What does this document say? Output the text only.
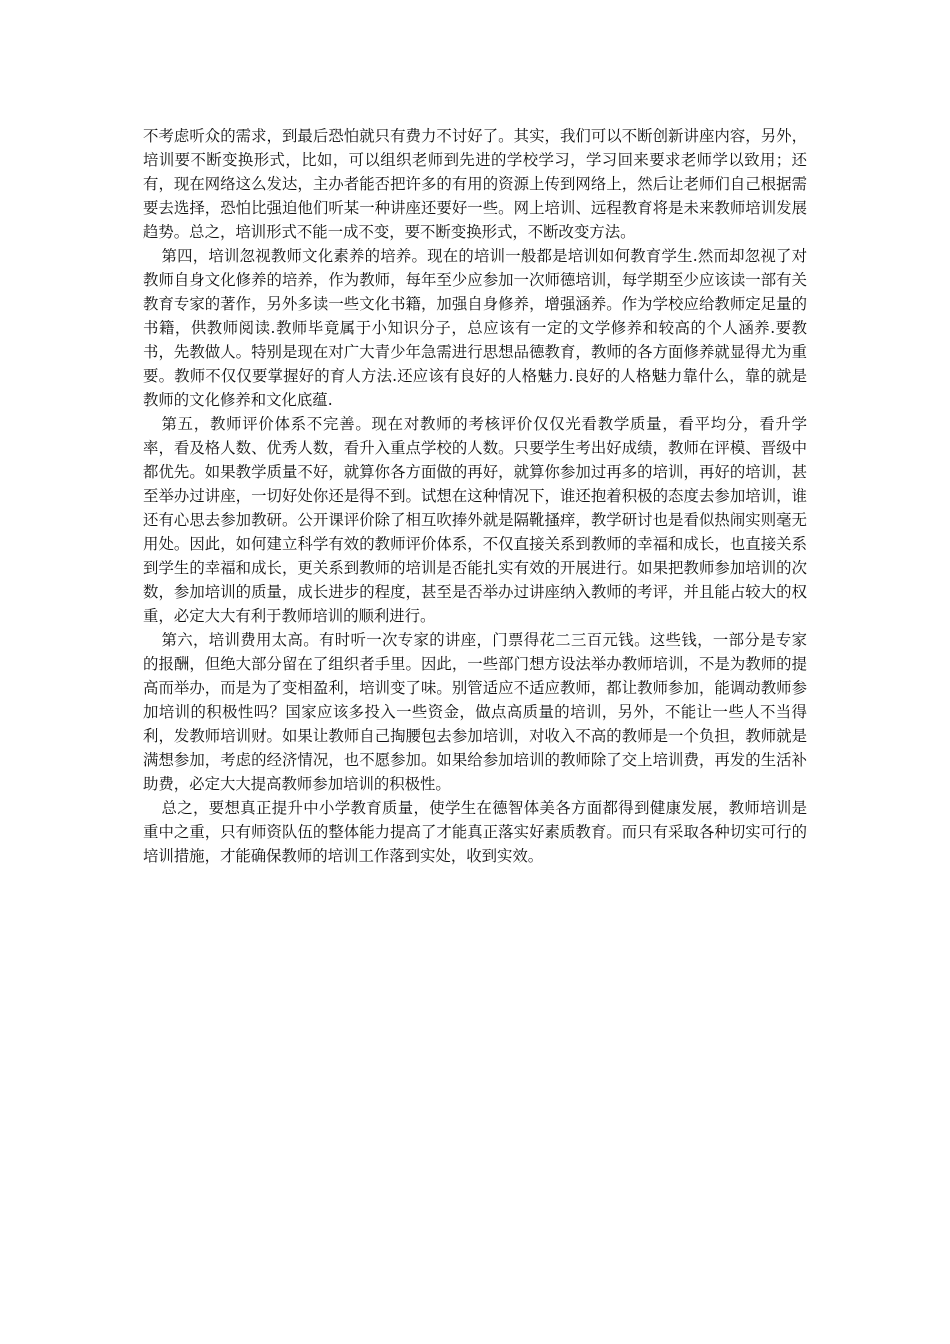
不考虑听众的需求，到最后恐怕就只有费力不讨好了。其实，我们可以不断创新讲座内容，另外，培训要不断变换形式，比如，可以组织老师到先进的学校学习，学习回来要求老师学以致用；还有，现在网络这么发达，主办者能否把许多的有用的资源上传到网络上，然后让老师们自己根据需要去选择，恐怕比强迫他们听某一种讲座还要好一些。网上培训、远程教育将是未来教师培训发展趋势。总之，培训形式不能一成不变，要不断变换形式，不断改变方法。

第四，培训忽视教师文化素养的培养。现在的培训一般都是培训如何教育学生.然而却忽视了对教师自身文化修养的培养，作为教师，每年至少应参加一次师德培训，每学期至少应该读一部有关教育专家的著作，另外多读一些文化书籍，加强自身修养，增强涵养。作为学校应给教师定足量的书籍，供教师阅读.教师毕竟属于小知识分子，总应该有一定的文学修养和较高的个人涵养.要教书，先教做人。特别是现在对广大青少年急需进行思想品德教育，教师的各方面修养就显得尤为重要。教师不仅仅要掌握好的育人方法.还应该有良好的人格魅力.良好的人格魅力靠什么，靠的就是教师的文化修养和文化底蕴.

第五，教师评价体系不完善。现在对教师的考核评价仅仅光看教学质量，看平均分，看升学率，看及格人数、优秀人数，看升入重点学校的人数。只要学生考出好成绩，教师在评模、晋级中都优先。如果教学质量不好，就算你各方面做的再好，就算你参加过再多的培训，再好的培训，甚至举办过讲座，一切好处你还是得不到。试想在这种情况下，谁还抱着积极的态度去参加培训，谁还有心思去参加教研。公开课评价除了相互吹捧外就是隔靴搔痒，教学研讨也是看似热闹实则毫无用处。因此，如何建立科学有效的教师评价体系，不仅直接关系到教师的幸福和成长，也直接关系到学生的幸福和成长，更关系到教师的培训是否能扎实有效的开展进行。如果把教师参加培训的次数，参加培训的质量，成长进步的程度，甚至是否举办过讲座纳入教师的考评，并且能占较大的权重，必定大大有利于教师培训的顺利进行。

第六，培训费用太高。有时听一次专家的讲座，门票得花二三百元钱。这些钱，一部分是专家的报酬，但绝大部分留在了组织者手里。因此，一些部门想方设法举办教师培训，不是为教师的提高而举办，而是为了变相盈利，培训变了味。别管适应不适应教师，都让教师参加，能调动教师参加培训的积极性吗？国家应该多投入一些资金，做点高质量的培训，另外，不能让一些人不当得利，发教师培训财。如果让教师自己掏腰包去参加培训，对收入不高的教师是一个负担，教师就是满想参加，考虑的经济情况，也不愿参加。如果给参加培训的教师除了交上培训费，再发的生活补助费，必定大大提高教师参加培训的积极性。

总之，要想真正提升中小学教育质量，使学生在德智体美各方面都得到健康发展，教师培训是重中之重，只有师资队伍的整体能力提高了才能真正落实好素质教育。而只有采取各种切实可行的培训措施，才能确保教师的培训工作落到实处，收到实效。
